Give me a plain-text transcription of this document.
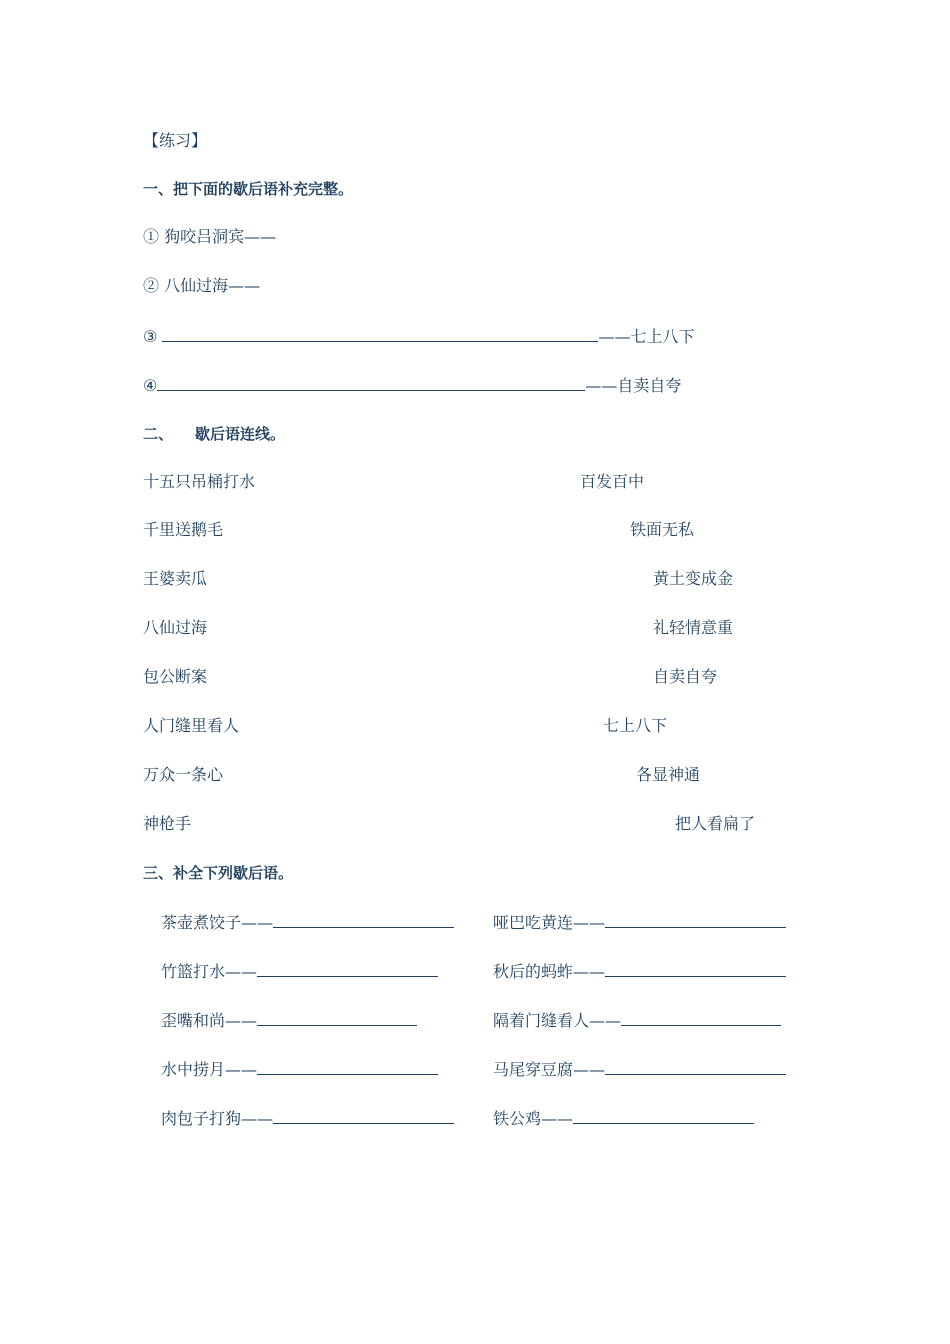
【练习】
一、把下面的歇后语补充完整。
① 狗咬吕洞宾——
② 八仙过海——
③	——七上八下
④	——自卖自夸
二、 歇后语连线。
十五只吊桶打水
千里送鹅毛
王婆卖瓜
八仙过海
包公断案
人门缝里看人
万众一条心
神枪手
百发百中
铁面无私
黄土变成金
礼轻情意重
自卖自夸
七上八下
各显神通
把人看扁了
三、补全下列歇后语。
茶壶煮饺子——
竹篮打水——
歪嘴和尚——
水中捞月——
肉包子打狗——
哑巴吃黄连——
秋后的蚂蚱——
隔着门缝看人——
马尾穿豆腐——
铁公鸡——
